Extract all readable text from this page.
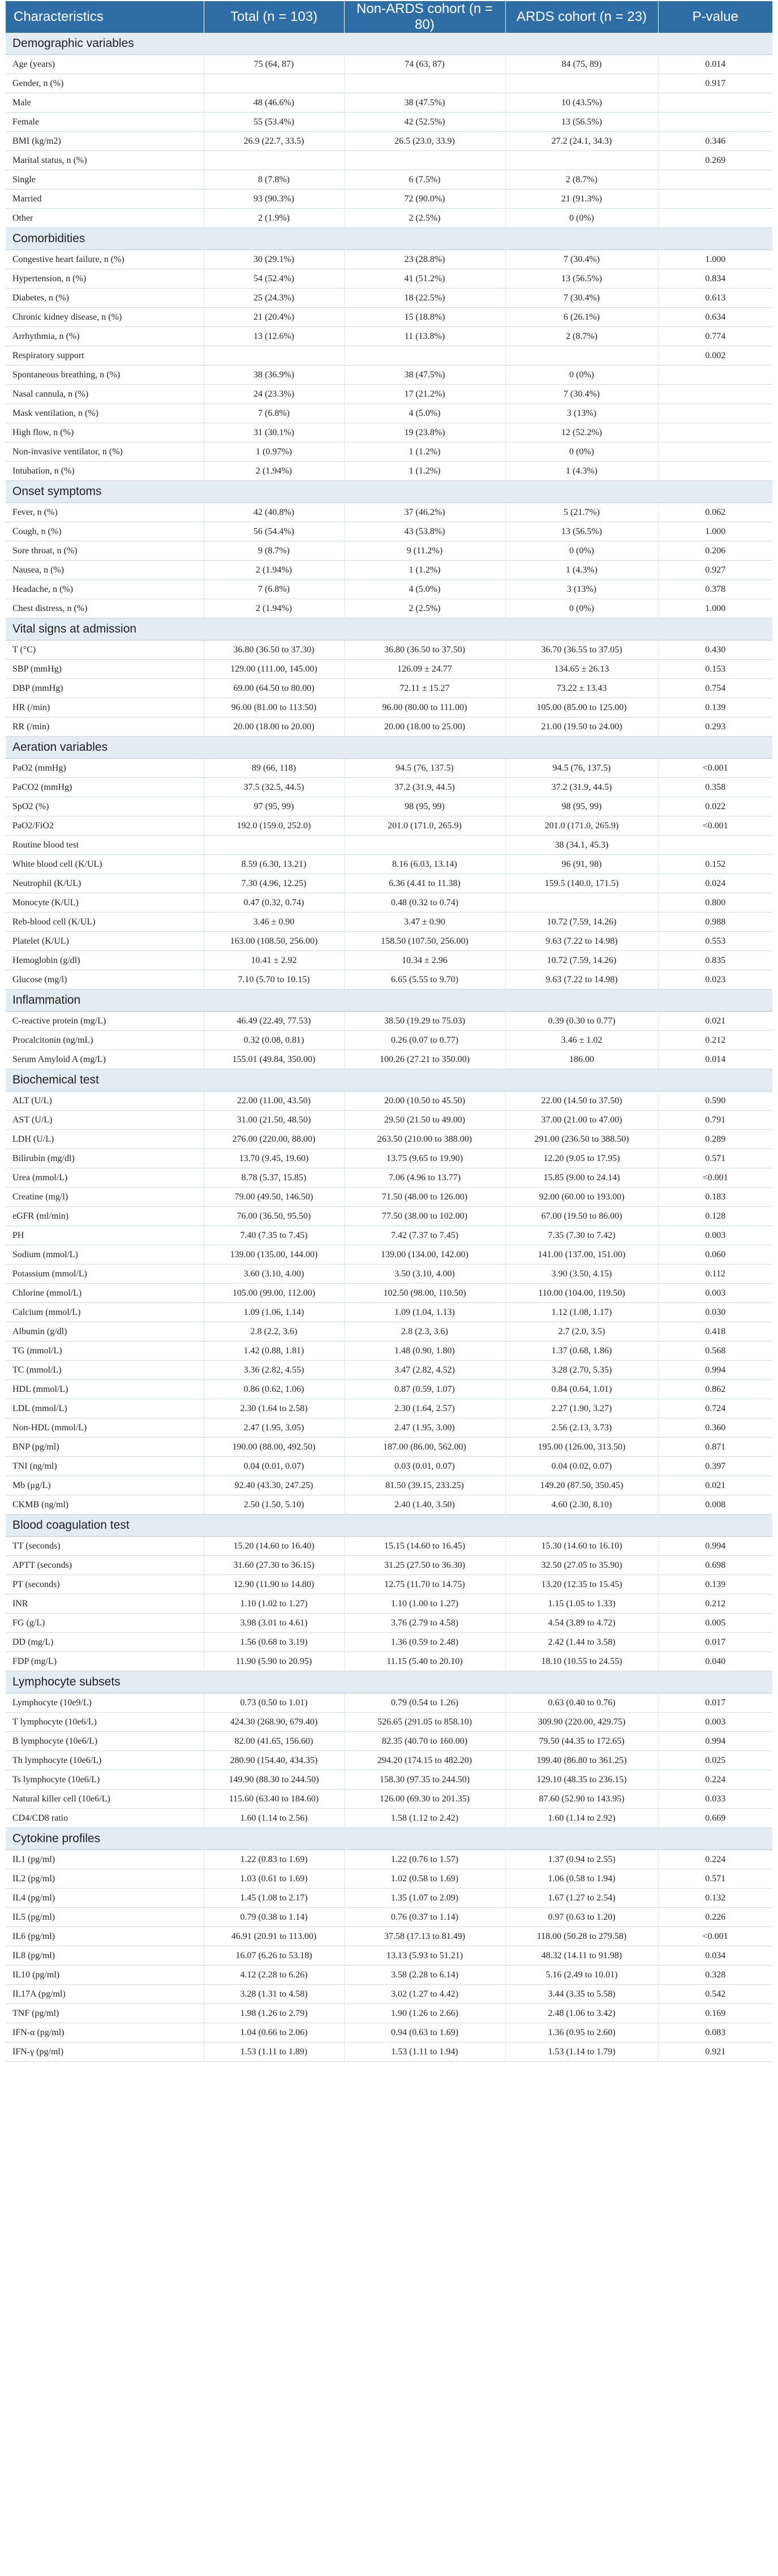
Characteristics	Total (n = 103)	Non-ARDS cohort (n = 80)	ARDS cohort (n = 23)	P-value
Demographic variables				
Age (years)	75 (64, 87)	74 (63, 87)	84 (75, 89)	0.014
Gender, n (%)				0.917
Male	48 (46.6%)	38 (47.5%)	10 (43.5%)	
Female	55 (53.4%)	42 (52.5%)	13 (56.5%)	
BMI (kg/m2)	26.9 (22.7, 33.5)	26.5 (23.0, 33.9)	27.2 (24.1, 34.3)	0.346
Marital status, n (%)				0.269
Single	8 (7.8%)	6 (7.5%)	2 (8.7%)	
Married	93 (90.3%)	72 (90.0%)	21 (91.3%)	
Other	2 (1.9%)	2 (2.5%)	0 (0%)	
Comorbidities				
Congestive heart failure, n (%)	30 (29.1%)	23 (28.8%)	7 (30.4%)	1.000
Hypertension, n (%)	54 (52.4%)	41 (51.2%)	13 (56.5%)	0.834
Diabetes, n (%)	25 (24.3%)	18 (22.5%)	7 (30.4%)	0.613
Chronic kidney disease, n (%)	21 (20.4%)	15 (18.8%)	6 (26.1%)	0.634
Arrhythmia, n (%)	13 (12.6%)	11 (13.8%)	2 (8.7%)	0.774
Respiratory support				0.002
Spontaneous breathing, n (%)	38 (36.9%)	38 (47.5%)	0 (0%)	
Nasal cannula, n (%)	24 (23.3%)	17 (21.2%)	7 (30.4%)	
Mask ventilation, n (%)	7 (6.8%)	4 (5.0%)	3 (13%)	
High flow, n (%)	31 (30.1%)	19 (23.8%)	12 (52.2%)	
Non-invasive ventilator, n (%)	1 (0.97%)	1 (1.2%)	0 (0%)	
Intubation, n (%)	2 (1.94%)	1 (1.2%)	1 (4.3%)	
Onset symptoms				
Fever, n (%)	42 (40.8%)	37 (46.2%)	5 (21.7%)	0.062
Cough, n (%)	56 (54.4%)	43 (53.8%)	13 (56.5%)	1.000
Sore throat, n (%)	9 (8.7%)	9 (11.2%)	0 (0%)	0.206
Nausea, n (%)	2 (1.94%)	1 (1.2%)	1 (4.3%)	0.927
Headache, n (%)	7 (6.8%)	4 (5.0%)	3 (13%)	0.378
Chest distress, n (%)	2 (1.94%)	2 (2.5%)	0 (0%)	1.000
Vital signs at admission				
T (°C)	36.80 (36.50 to 37.30)	36.80 (36.50 to 37.50)	36.70 (36.55 to 37.05)	0.430
SBP (mmHg)	129.00 (111.00, 145.00)	126.09 ± 24.77	134.65 ± 26.13	0.153
DBP (mmHg)	69.00 (64.50 to 80.00)	72.11 ± 15.27	73.22 ± 13.43	0.754
HR (/min)	96.00 (81.00 to 113.50)	96.00 (80.00 to 111.00)	105.00 (85.00 to 125.00)	0.139
RR (/min)	20.00 (18.00 to 20.00)	20.00 (18.00 to 25.00)	21.00 (19.50 to 24.00)	0.293
Aeration variables				
PaO2 (mmHg)	89 (66, 118)	94.5 (76, 137.5)	94.5 (76, 137.5)	<0.001
PaCO2 (mmHg)	37.5 (32.5, 44.5)	37.2 (31.9, 44.5)	37.2 (31.9, 44.5)	0.358
SpO2 (%)	97 (95, 99)	98 (95, 99)	98 (95, 99)	0.022
PaO2/FiO2	192.0 (159.0, 252.0)	201.0 (171.0, 265.9)	201.0 (171.0, 265.9)	<0.001
Routine blood test			38 (34.1, 45.3)	
White blood cell (K/UL)	8.59 (6.30, 13.21)	8.16 (6.03, 13.14)	96 (91, 98)	0.152
Neutrophil (K/UL)	7.30 (4.96, 12.25)	6.36 (4.41 to 11.38)	159.5 (140.0, 171.5)	0.024
Monocyte (K/UL)	0.47 (0.32, 0.74)	0.48 (0.32 to 0.74)		0.800
Reb-blood cell (K/UL)	3.46 ± 0.90	3.47 ± 0.90	10.72 (7.59, 14.26)	0.988
Platelet (K/UL)	163.00 (108.50, 256.00)	158.50 (107.50, 256.00)	9.63 (7.22 to 14.98)	0.553
Hemoglobin (g/dl)	10.41 ± 2.92	10.34 ± 2.96	10.72 (7.59, 14.26)	0.835
Glucose (mg/l)	7.10 (5.70 to 10.15)	6.65 (5.55 to 9.70)	9.63 (7.22 to 14.98)	0.023
Inflammation				
C-reactive protein (mg/L)	46.49 (22.49, 77.53)	38.50 (19.29 to 75.03)	0.39 (0.30 to 0.77)	0.021
Procalcitonin (ng/mL)	0.32 (0.08, 0.81)	0.26 (0.07 to 0.77)	3.46 ± 1.02	0.212
Serum Amyloid A (mg/L)	155.01 (49.84, 350.00)	100.26 (27.21 to 350.00)	186.00	0.014
Biochemical test				
ALT (U/L)	22.00 (11.00, 43.50)	20.00 (10.50 to 45.50)	22.00 (14.50 to 37.50)	0.590
AST (U/L)	31.00 (21.50, 48.50)	29.50 (21.50 to 49.00)	37.00 (21.00 to 47.00)	0.791
LDH (U/L)	276.00 (220.00, 88.00)	263.50 (210.00 to 388.00)	291.00 (236.50 to 388.50)	0.289
Bilirubin (mg/dl)	13.70 (9.45, 19.60)	13.75 (9.65 to 19.90)	12.20 (9.05 to 17.95)	0.571
Urea (mmol/L)	8.78 (5.37, 15.85)	7.06 (4.96 to 13.77)	15.85 (9.00 to 24.14)	<0.001
Creatine (mg/l)	79.00 (49.50, 146.50)	71.50 (48.00 to 126.00)	92.00 (60.00 to 193.00)	0.183
eGFR (ml/min)	76.00 (36.50, 95.50)	77.50 (38.00 to 102.00)	67.00 (19.50 to 86.00)	0.128
PH	7.40 (7.35 to 7.45)	7.42 (7.37 to 7.45)	7.35 (7.30 to 7.42)	0.003
Sodium (mmol/L)	139.00 (135.00, 144.00)	139.00 (134.00, 142.00)	141.00 (137.00, 151.00)	0.060
Potassium (mmol/L)	3.60 (3.10, 4.00)	3.50 (3.10, 4.00)	3.90 (3.50, 4.15)	0.112
Chlorine (mmol/L)	105.00 (99.00, 112.00)	102.50 (98.00, 110.50)	110.00 (104.00, 119.50)	0.003
Calcium (mmol/L)	1.09 (1.06, 1.14)	1.09 (1.04, 1.13)	1.12 (1.08, 1.17)	0.030
Albumin (g/dl)	2.8 (2.2, 3.6)	2.8 (2.3, 3.6)	2.7 (2.0, 3.5)	0.418
TG (mmol/L)	1.42 (0.88, 1.81)	1.48 (0.90, 1.80)	1.37 (0.68, 1.86)	0.568
TC (mmol/L)	3.36 (2.82, 4.55)	3.47 (2.82, 4.52)	3.28 (2.70, 5.35)	0.994
HDL (mmol/L)	0.86 (0.62, 1.06)	0.87 (0.59, 1.07)	0.84 (0.64, 1.01)	0.862
LDL (mmol/L)	2.30 (1.64 to 2.58)	2.30 (1.64, 2.57)	2.27 (1.90, 3.27)	0.724
Non-HDL (mmol/L)	2.47 (1.95, 3.05)	2.47 (1.95, 3.00)	2.56 (2.13, 3.73)	0.360
BNP (pg/ml)	190.00 (88.00, 492.50)	187.00 (86.00, 562.00)	195.00 (126.00, 313.50)	0.871
TNI (ng/ml)	0.04 (0.01, 0.07)	0.03 (0.01, 0.07)	0.04 (0.02, 0.07)	0.397
Mb (μg/L)	92.40 (43.30, 247.25)	81.50 (39.15, 233.25)	149.20 (87.50, 350.45)	0.021
CKMB (ng/ml)	2.50 (1.50, 5.10)	2.40 (1.40, 3.50)	4.60 (2.30, 8.10)	0.008
Blood coagulation test				
TT (seconds)	15.20 (14.60 to 16.40)	15.15 (14.60 to 16.45)	15.30 (14.60 to 16.10)	0.994
APTT (seconds)	31.60 (27.30 to 36.15)	31.25 (27.50 to 36.30)	32.50 (27.05 to 35.90)	0.698
PT (seconds)	12.90 (11.90 to 14.80)	12.75 (11.70 to 14.75)	13.20 (12.35 to 15.45)	0.139
INR	1.10 (1.02 to 1.27)	1.10 (1.00 to 1.27)	1.15 (1.05 to 1.33)	0.212
FG (g/L)	3.98 (3.01 to 4.61)	3.76 (2.79 to 4.58)	4.54 (3.89 to 4.72)	0.005
DD (mg/L)	1.56 (0.68 to 3.19)	1.36 (0.59 to 2.48)	2.42 (1.44 to 3.58)	0.017
FDP (mg/L)	11.90 (5.90 to 20.95)	11.15 (5.40 to 20.10)	18.10 (10.55 to 24.55)	0.040
Lymphocyte subsets				
Lymphocyte (10e9/L)	0.73 (0.50 to 1.01)	0.79 (0.54 to 1.26)	0.63 (0.40 to 0.76)	0.017
T lymphocyte (10e6/L)	424.30 (268.90, 679.40)	526.65 (291.05 to 858.10)	309.90 (220.00, 429.75)	0.003
B lymphocyte (10e6/L)	82.00 (41.65, 156.60)	82.35 (40.70 to 160.00)	79.50 (44.35 to 172.65)	0.994
Th lymphocyte (10e6/L)	280.90 (154.40, 434.35)	294.20 (174.15 to 482.20)	199.40 (86.80 to 361.25)	0.025
Ts lymphocyte (10e6/L)	149.90 (88.30 to 244.50)	158.30 (97.35 to 244.50)	129.10 (48.35 to 236.15)	0.224
Natural killer cell (10e6/L)	115.60 (63.40 to 184.60)	126.00 (69.30 to 201.35)	87.60 (52.90 to 143.95)	0.033
CD4/CD8 ratio	1.60 (1.14 to 2.56)	1.58 (1.12 to 2.42)	1.60 (1.14 to 2.92)	0.669
Cytokine profiles				
IL1 (pg/ml)	1.22 (0.83 to 1.69)	1.22 (0.76 to 1.57)	1.37 (0.94 to 2.55)	0.224
IL2 (pg/ml)	1.03 (0.61 to 1.69)	1.02 (0.58 to 1.69)	1.06 (0.58 to 1.94)	0.571
IL4 (pg/ml)	1.45 (1.08 to 2.17)	1.35 (1.07 to 2.09)	1.67 (1.27 to 2.54)	0.132
IL5 (pg/ml)	0.79 (0.38 to 1.14)	0.76 (0.37 to 1.14)	0.97 (0.63 to 1.20)	0.226
IL6 (pg/ml)	46.91 (20.91 to 113.00)	37.58 (17.13 to 81.49)	118.00 (50.28 to 279.58)	<0.001
IL8 (pg/ml)	16.07 (6.26 to 53.18)	13.13 (5.93 to 51.21)	48.32 (14.11 to 91.98)	0.034
IL10 (pg/ml)	4.12 (2.28 to 6.26)	3.58 (2.28 to 6.14)	5.16 (2.49 to 10.01)	0.328
IL17A (pg/ml)	3.28 (1.31 to 4.58)	3.02 (1.27 to 4.42)	3.44 (3.35 to 5.58)	0.542
TNF (pg/ml)	1.98 (1.26 to 2.79)	1.90 (1.26 to 2.66)	2.48 (1.06 to 3.42)	0.169
IFN-α (pg/ml)	1.04 (0.66 to 2.06)	0.94 (0.63 to 1.69)	1.36 (0.95 to 2.60)	0.083
IFN-γ (pg/ml)	1.53 (1.11 to 1.89)	1.53 (1.11 to 1.94)	1.53 (1.14 to 1.79)	0.921
